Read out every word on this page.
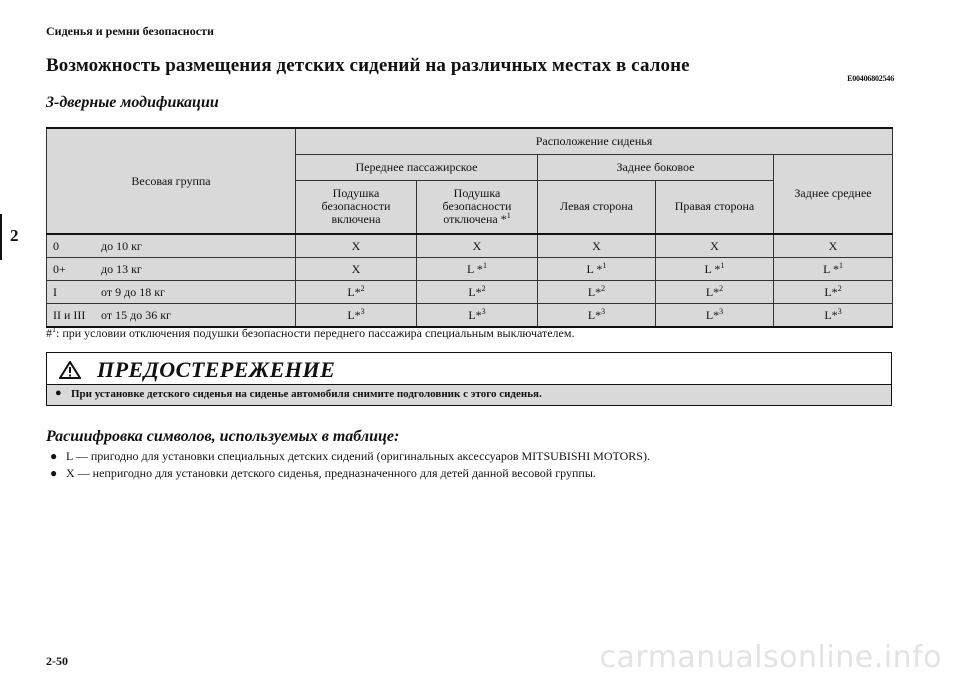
Сиденья и ремни безопасности
Возможность размещения детских сидений на различных местах в салоне
E00406802546
3-дверные модификации
2
Весовая группа	Расположение сиденья				
	Переднее пассажирское		Заднее боковое		Заднее среднее
	Подушка безопасности включена	Подушка безопасности отключена *$^1$	Левая сторона	Правая сторона	
0 до 10 кг	X	X	X	X	X
0+ до 13 кг	X	L *$^1$	L *$^1$	L *$^1$	L *$^1$
I от 9 до 18 кг	L*$^2$	L*$^2$	L*$^2$	L*$^2$	L*$^2$
II и III от 15 до 36 кг	L*$^3$	L*$^3$	L*$^3$	L*$^3$	L*$^3$
#$^1$: при условии отключения подушки безопасности переднего пассажира специальным выключателем.
ПРЕДОСТЕРЕЖЕНИЕ
● При установке детского сиденья на сиденье автомобиля снимите подголовник с этого сиденья.
Расшифровка символов, используемых в таблице:
● L — пригодно для установки специальных детских сидений (оригинальных аксессуаров MITSUBISHI MOTORS).
● X — непригодно для установки детского сиденья, предназначенного для детей данной весовой группы.
2-50	carmanualsonline.info
